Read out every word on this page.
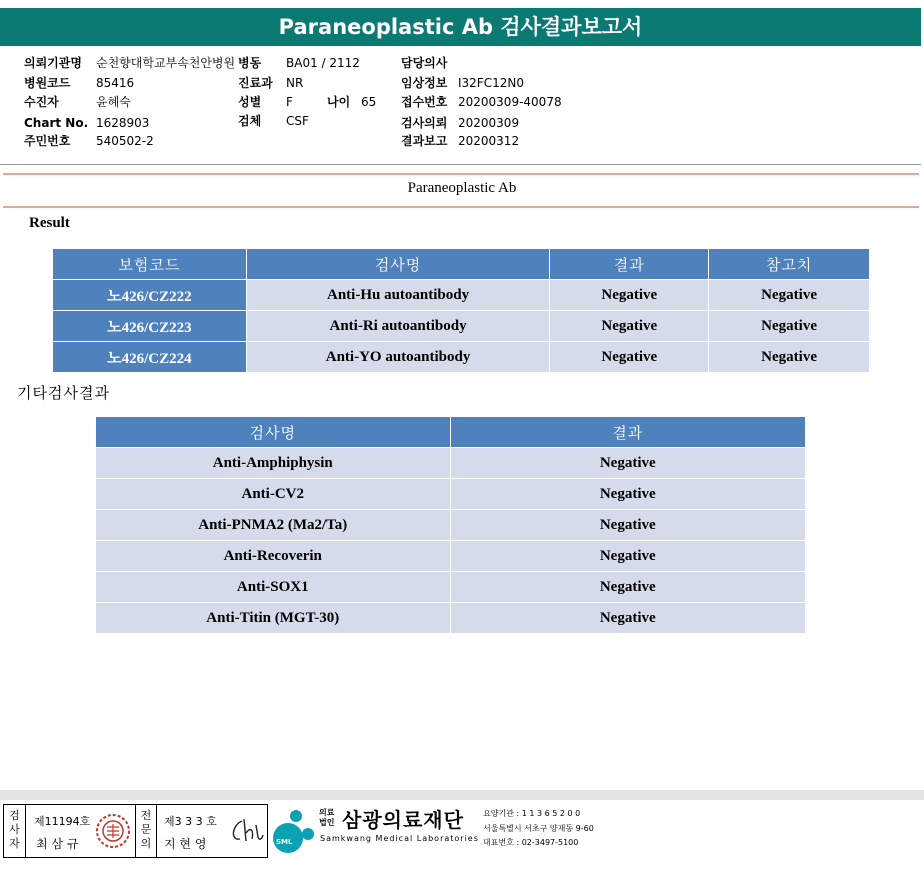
Paraneoplastic Ab 검사결과보고서
의뢰기관명 순천향대학교부속천안병원
병원코드 85416
수진자	윤혜숙
Chart No. 1628903
주민번호 540502-2
병동 BA01 / 2112
진료과 NR
성별 F
검체 CSF
나이 65
담당의사
임상정보 I32FC12N0
접수번호 20200309-40078
검사의뢰 20200309
결과보고 20200312
Paraneoplastic Ab
Result
보험코드	검사명	결과	참고치
노426/CZ222	Anti-Hu autoantibody	Negative	Negative
노426/CZ223	Anti-Ri autoantibody	Negative	Negative
노426/CZ224	Anti-YO autoantibody	Negative	Negative
기타검사결과
검사명	결과
Anti-Amphiphysin	Negative
Anti-CV2	Negative
Anti-PNMA2 (Ma2/Ta)	Negative
Anti-Recoverin	Negative
Anti-SOX1	Negative
Anti-Titin (MGT-30)	Negative
검사자
제11194호
최 삼 규
전문의
제3 3 3 호
지 현 영	SML
의료법인 삼광의료재단
Samkwang Medical Laboratories
요양기관 : 1 1 3 6 5 2 0 0
서울특별시 서초구 양재동 9-60
대표번호 : 02-3497-5100
